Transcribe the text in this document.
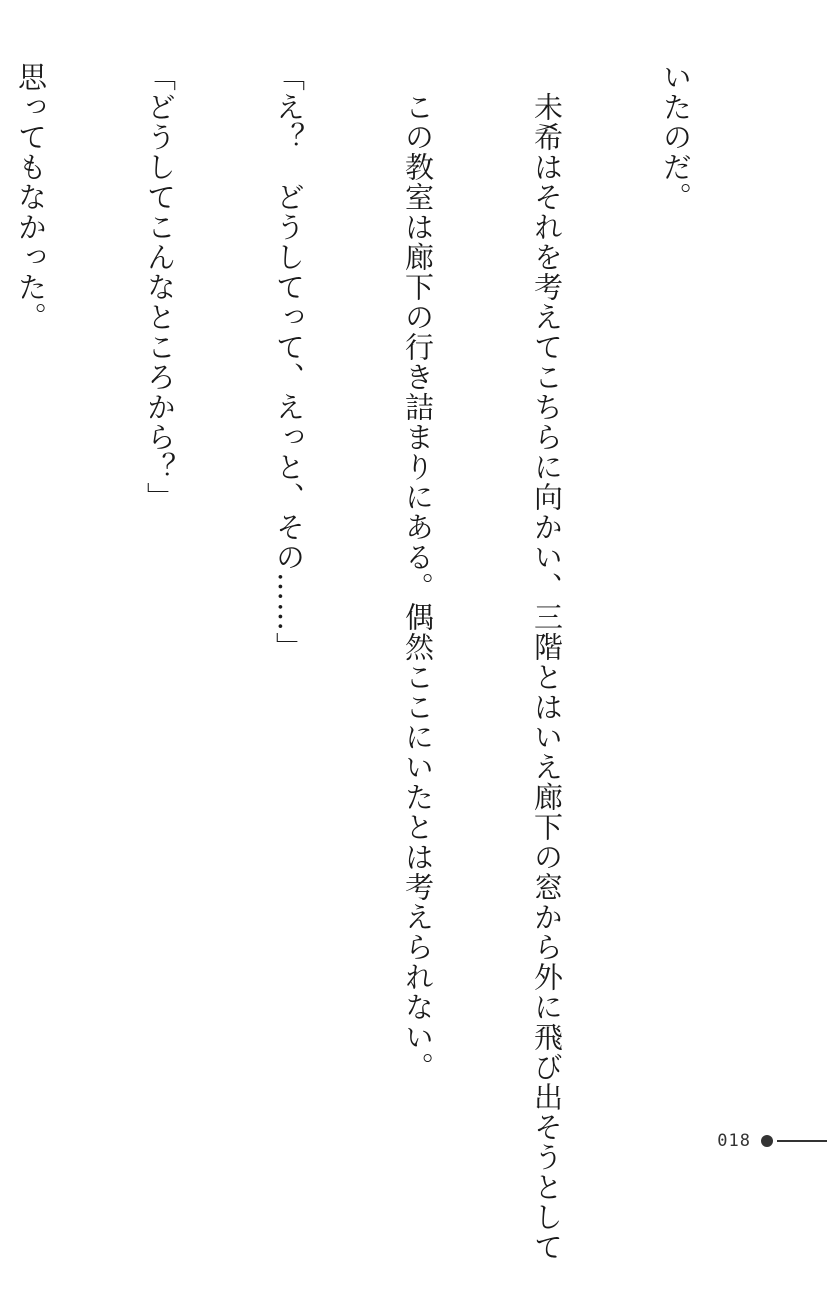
いたのだ。

　未希はそれを考えてこちらに向かい、三階とはいえ廊下の窓から外に飛び出そうとして

　この教室は廊下の行き詰まりにある。偶然ここにいたとは考えられない。

「え？　どうしてって、えっと、その……」

「どうしてこんなところから？」

思ってもなかった。

018
